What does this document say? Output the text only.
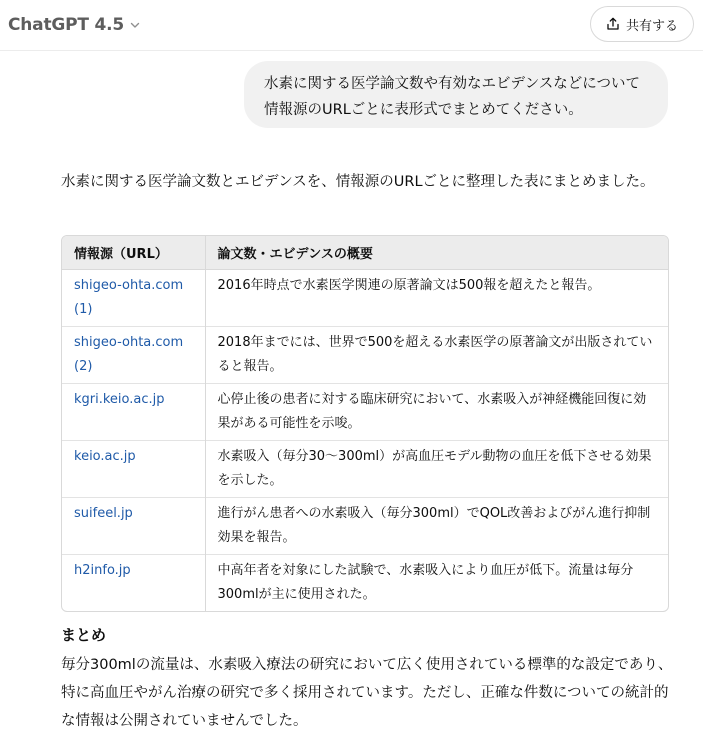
ChatGPT 4.5	共有する
水素に関する医学論文数や有効なエビデンスなどについて情報源のURLごとに表形式でまとめてください。
水素に関する医学論文数とエビデンスを、情報源のURLごとに整理した表にまとめました。
情報源（URL）	論文数・エビデンスの概要
shigeo-ohta.com (1)	2016年時点で水素医学関連の原著論文は500報を超えたと報告。
shigeo-ohta.com (2)	2018年までには、世界で500を超える水素医学の原著論文が出版されていると報告。
kgri.keio.ac.jp	心停止後の患者に対する臨床研究において、水素吸入が神経機能回復に効果がある可能性を示唆。
keio.ac.jp	水素吸入（毎分30〜300ml）が高血圧モデル動物の血圧を低下させる効果を示した。
suifeel.jp	進行がん患者への水素吸入（毎分300ml）でQOL改善およびがん進行抑制効果を報告。
h2info.jp	中高年者を対象にした試験で、水素吸入により血圧が低下。流量は毎分300mlが主に使用された。
まとめ
毎分300mlの流量は、水素吸入療法の研究において広く使用されている標準的な設定であり、特に高血圧やがん治療の研究で多く採用されています。ただし、正確な件数についての統計的な情報は公開されていませんでした。
